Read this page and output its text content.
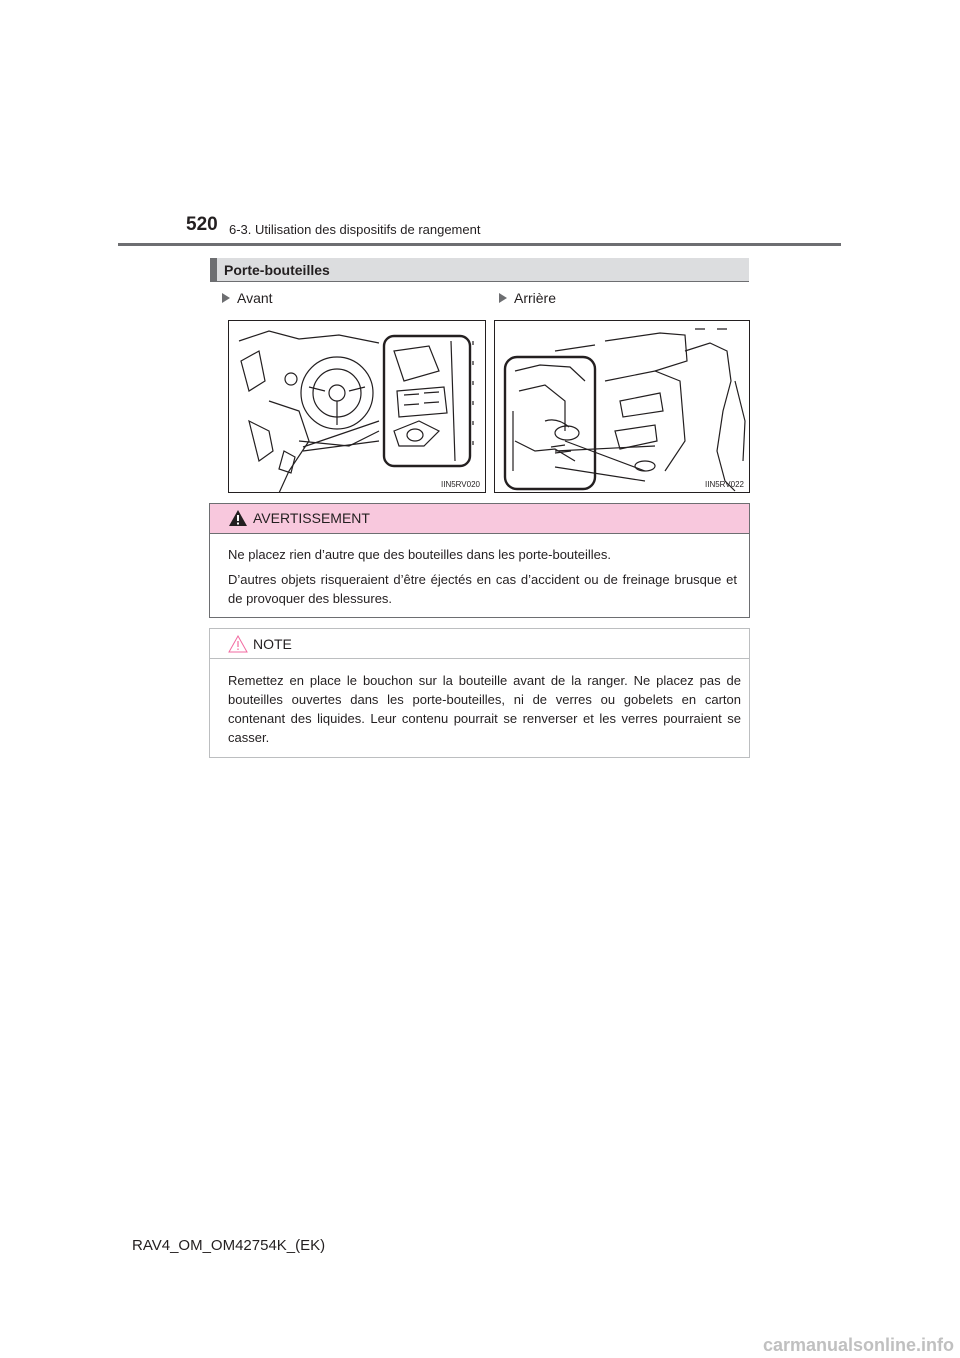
520 6-3. Utilisation des dispositifs de rangement
Porte-bouteilles
Avant	Arrière
IIN5RV020	IIN5RV022
AVERTISSEMENT

Ne placez rien d’autre que des bouteilles dans les porte-bouteilles.

D’autres objets risqueraient d’être éjectés en cas d’accident ou de freinage brusque et de provoquer des blessures.

NOTE

Remettez en place le bouchon sur la bouteille avant de la ranger. Ne placez pas de bouteilles ouvertes dans les porte-bouteilles, ni de verres ou gobelets en carton contenant des liquides. Leur contenu pourrait se renverser et les verres pourraient se casser.

RAV4_OM_OM42754K_(EK)
carmanualsonline.info
